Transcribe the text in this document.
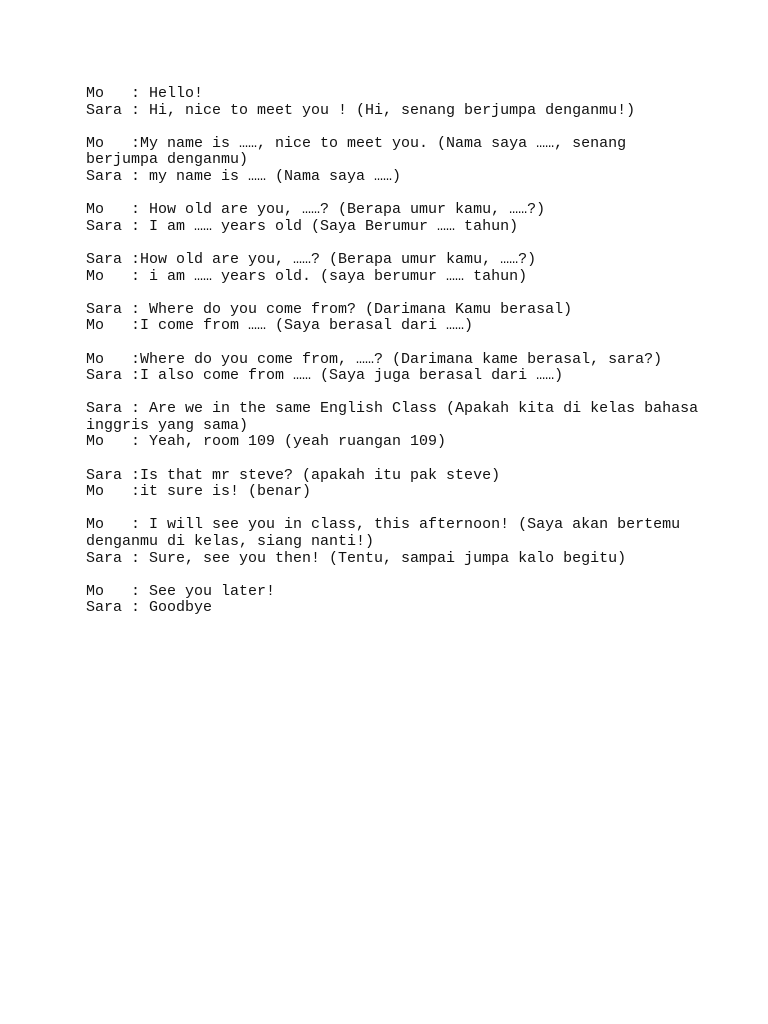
Mo   : Hello!
Sara : Hi, nice to meet you ! (Hi, senang berjumpa denganmu!)
Mo   :My name is ……, nice to meet you. (Nama saya ……, senang berjumpa denganmu)
Sara : my name is …… (Nama saya ……)
Mo   : How old are you, ……? (Berapa umur kamu, ……?)
Sara : I am …… years old (Saya Berumur …… tahun)
Sara :How old are you, ……? (Berapa umur kamu, ……?)
Mo   : i am …… years old. (saya berumur …… tahun)
Sara : Where do you come from? (Darimana Kamu berasal)
Mo   :I come from …… (Saya berasal dari ……)
Mo   :Where do you come from, ……? (Darimana kame berasal, sara?)
Sara :I also come from …… (Saya juga berasal dari ……)
Sara : Are we in the same English Class (Apakah kita di kelas bahasa inggris yang sama)
Mo   : Yeah, room 109 (yeah ruangan 109)
Sara :Is that mr steve? (apakah itu pak steve)
Mo   :it sure is! (benar)
Mo   : I will see you in class, this afternoon! (Saya akan bertemu denganmu di kelas, siang nanti!)
Sara : Sure, see you then! (Tentu, sampai jumpa kalo begitu)
Mo   : See you later!
Sara : Goodbye
